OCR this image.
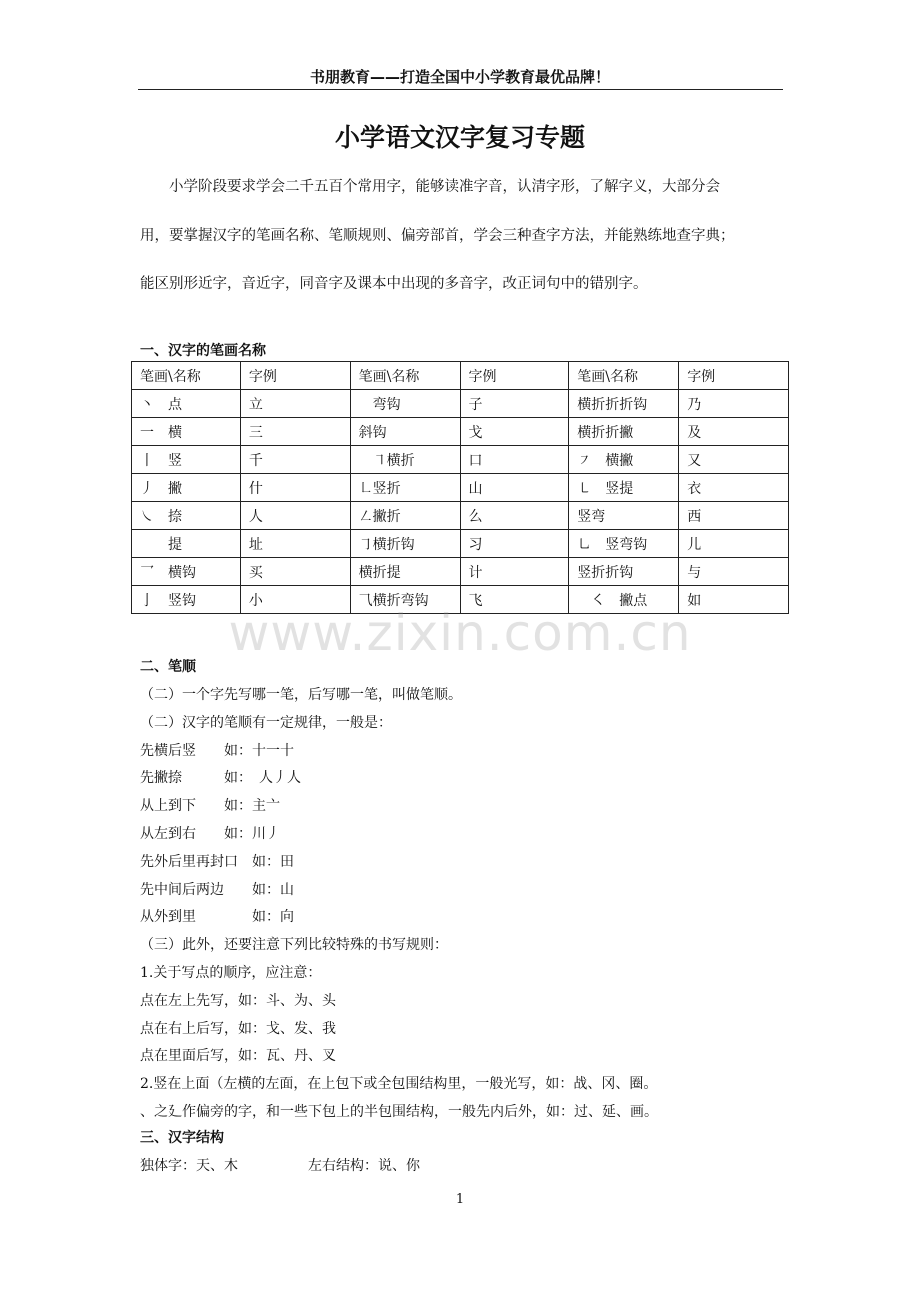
书朋教育——打造全国中小学教育最优品牌！
小学语文汉字复习专题
　　小学阶段要求学会二千五百个常用字，能够读准字音，认清字形，了解字义，大部分会
用，要掌握汉字的笔画名称、笔顺规则、偏旁部首，学会三种查字方法，并能熟练地查字典；
能区别形近字，音近字，同音字及课本中出现的多音字，改正词句中的错别字。
一、汉字的笔画名称
笔画\名称	字例	笔画\名称	字例	笔画\名称	字例
丶　点	立	　弯钩	子	横折折折钩	乃
一　横	三	斜钩	戈	横折折撇	及
丨　竖	千	　㇕横折	口	㇇　横撇	又
丿　撇	什	㇗竖折	山	㇄　竖提	衣
㇏　捺	人	㇜撇折	么	竖弯	西
　　提	址	㇆横折钩	习	㇟　竖弯钩	儿
乛　横钩	买	横折提	计	竖折折钩	与
亅　竖钩	小	⺄横折弯钩	飞	　㇛　撇点	如
www.zixin.com.cn
二、笔顺
（二）一个字先写哪一笔，后写哪一笔，叫做笔顺。
（二）汉字的笔顺有一定规律，一般是：
先横后竖　　如：十一十
先撇捺　　　如：　人丿人
从上到下　　如：主亠
从左到右　　如：川丿
先外后里再封口　如：田
先中间后两边　　如：山
从外到里　　　　如：向
（三）此外，还要注意下列比较特殊的书写规则：
1.关于写点的顺序，应注意：
点在左上先写，如：斗、为、头
点在右上后写，如：戈、发、我
点在里面后写，如：瓦、丹、叉
2.竖在上面（左横的左面，在上包下或全包围结构里，一般光写，如：战、冈、圈。
、之廴作偏旁的字，和一些下包上的半包围结构，一般先内后外，如：过、延、画。
三、汉字结构
独体字：天、木　　　　　左右结构：说、你
1
